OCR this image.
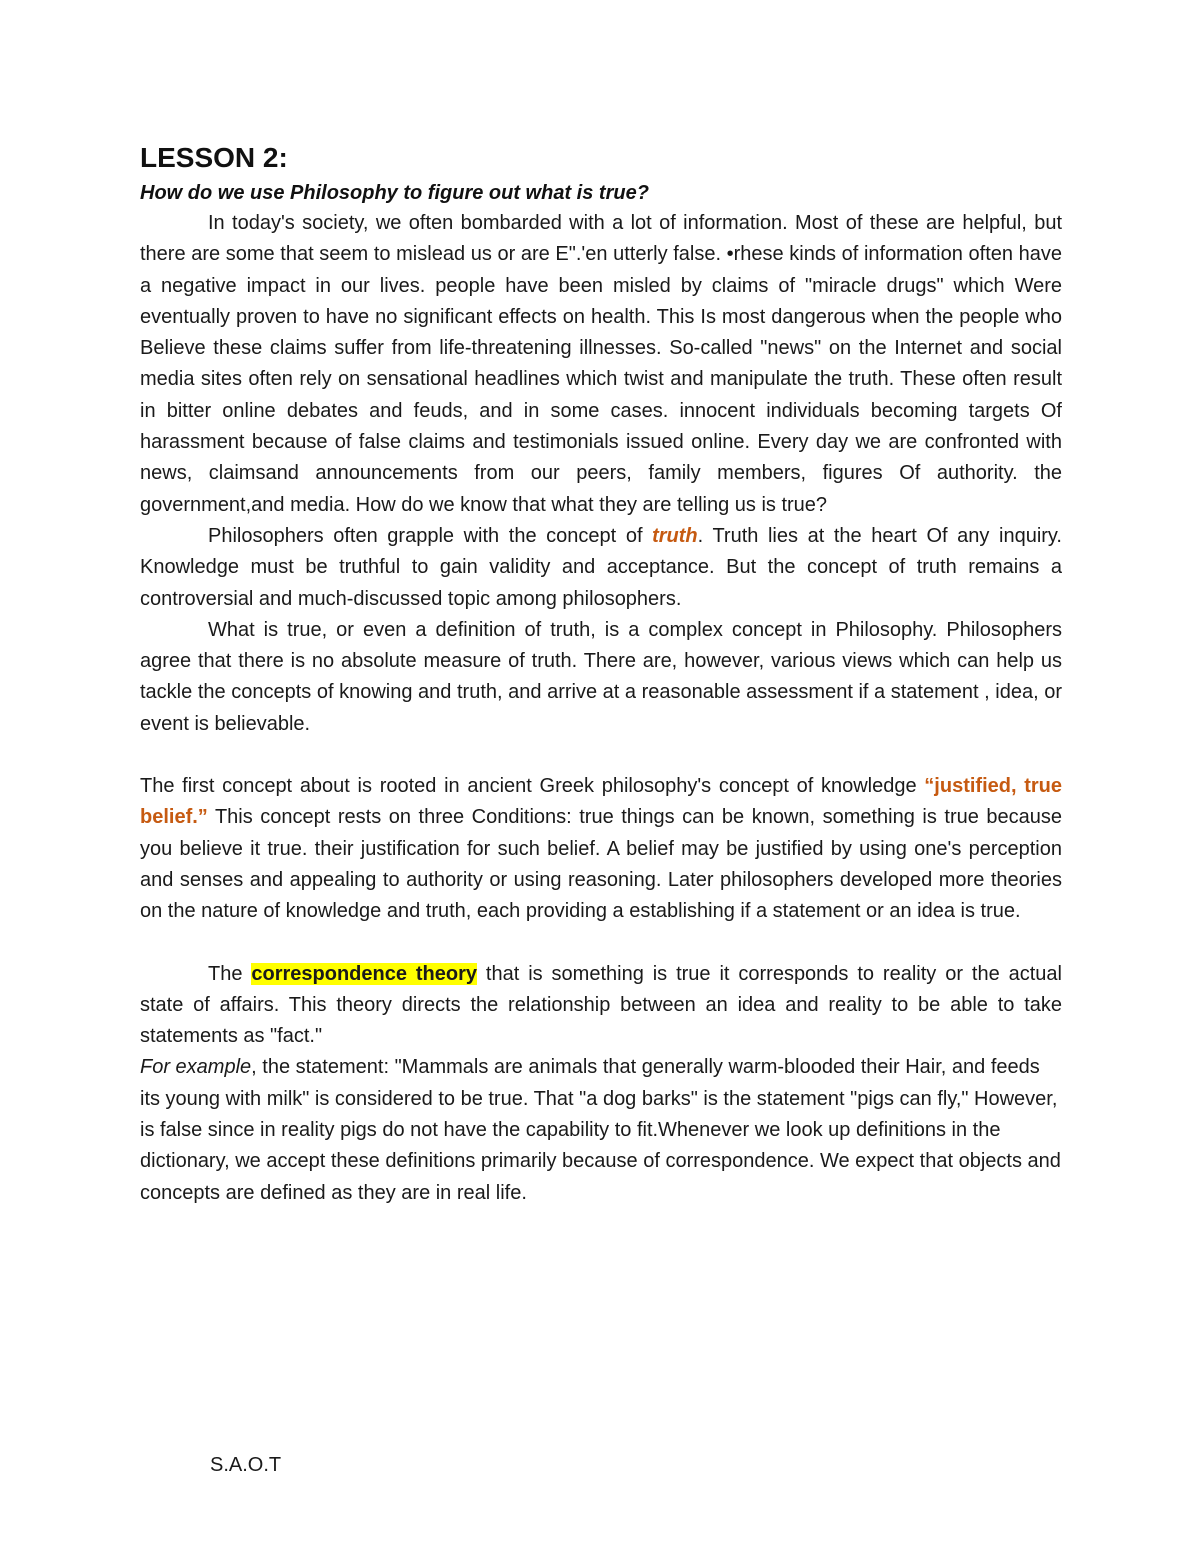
LESSON 2:
How do we use Philosophy to figure out what is true?

In today's society, we often bombarded with a lot of information. Most of these are helpful, but there are some that seem to mislead us or are E".'en utterly false. •rhese kinds of information often have a negative impact in our lives. people have been misled by claims of "miracle drugs" which Were eventually proven to have no significant effects on health. This Is most dangerous when the people who Believe these claims suffer from life-threatening illnesses. So-called "news" on the Internet and social media sites often rely on sensational headlines which twist and manipulate the truth. These often result in bitter online debates and feuds, and in some cases. innocent individuals becoming targets Of harassment because of false claims and testimonials issued online. Every day we are confronted with news, claimsand announcements from our peers, family members, figures Of authority. the government,and media. How do we know that what they are telling us is true?

Philosophers often grapple with the concept of truth. Truth lies at the heart Of any inquiry. Knowledge must be truthful to gain validity and acceptance. But the concept of truth remains a controversial and much-discussed topic among philosophers.

What is true, or even a definition of truth, is a complex concept in Philosophy. Philosophers agree that there is no absolute measure of truth. There are, however, various views which can help us tackle the concepts of knowing and truth, and arrive at a reasonable assessment if a statement , idea, or event is believable.

The first concept about is rooted in ancient Greek philosophy's concept of knowledge “justified, true belief.” This concept rests on three Conditions: true things can be known, something is true because you believe it true. their justification for such belief. A belief may be justified by using one's perception and senses and appealing to authority or using reasoning. Later philosophers developed more theories on the nature of knowledge and truth, each providing a establishing if a statement or an idea is true.

The correspondence theory that is something is true it corresponds to reality or the actual state of affairs. This theory directs the relationship between an idea and reality to be able to take statements as "fact."

For example, the statement: "Mammals are animals that generally warm-blooded their Hair, and feeds its young with milk" is considered to be true. That "a dog barks" is the statement "pigs can fly," However, is false since in reality pigs do not have the capability to fit.Whenever we look up definitions in the dictionary, we accept these definitions primarily because of correspondence. We expect that objects and concepts are defined as they are in real life.

S.A.O.T
